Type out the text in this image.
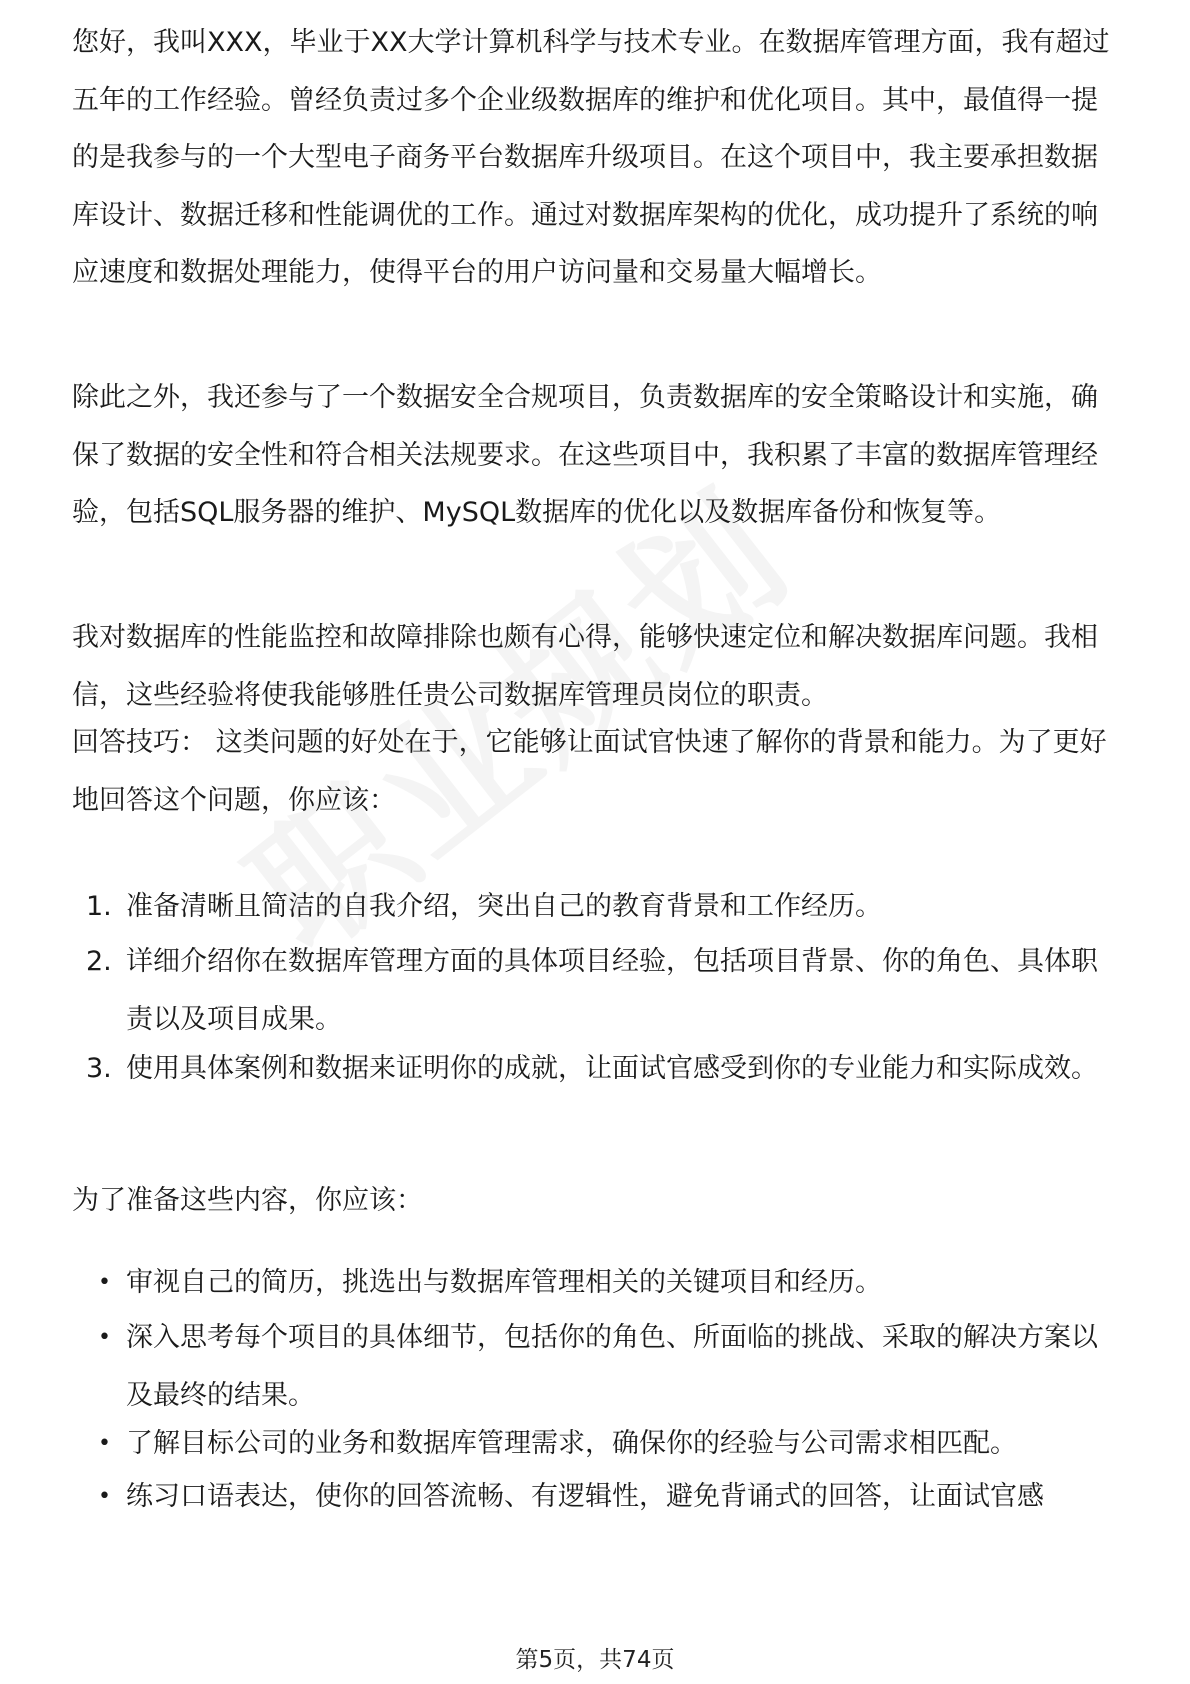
您好，我叫XXX，毕业于XX大学计算机科学与技术专业。在数据库管理方面，我有超过五年的工作经验。曾经负责过多个企业级数据库的维护和优化项目。其中，最值得一提的是我参与的一个大型电子商务平台数据库升级项目。在这个项目中，我主要承担数据库设计、数据迁移和性能调优的工作。通过对数据库架构的优化，成功提升了系统的响应速度和数据处理能力，使得平台的用户访问量和交易量大幅增长。

除此之外，我还参与了一个数据安全合规项目，负责数据库的安全策略设计和实施，确保了数据的安全性和符合相关法规要求。在这些项目中，我积累了丰富的数据库管理经验，包括SQL服务器的维护、MySQL数据库的优化以及数据库备份和恢复等。

我对数据库的性能监控和故障排除也颇有心得，能够快速定位和解决数据库问题。我相信，这些经验将使我能够胜任贵公司数据库管理员岗位的职责。

回答技巧： 这类问题的好处在于，它能够让面试官快速了解你的背景和能力。为了更好地回答这个问题，你应该：

1. 准备清晰且简洁的自我介绍，突出自己的教育背景和工作经历。
2. 详细介绍你在数据库管理方面的具体项目经验，包括项目背景、你的角色、具体职责以及项目成果。
3. 使用具体案例和数据来证明你的成就，让面试官感受到你的专业能力和实际成效。

为了准备这些内容，你应该：

• 审视自己的简历，挑选出与数据库管理相关的关键项目和经历。
• 深入思考每个项目的具体细节，包括你的角色、所面临的挑战、采取的解决方案以及最终的结果。
• 了解目标公司的业务和数据库管理需求，确保你的经验与公司需求相匹配。
• 练习口语表达，使你的回答流畅、有逻辑性，避免背诵式的回答，让面试官感
第5页，共74页
